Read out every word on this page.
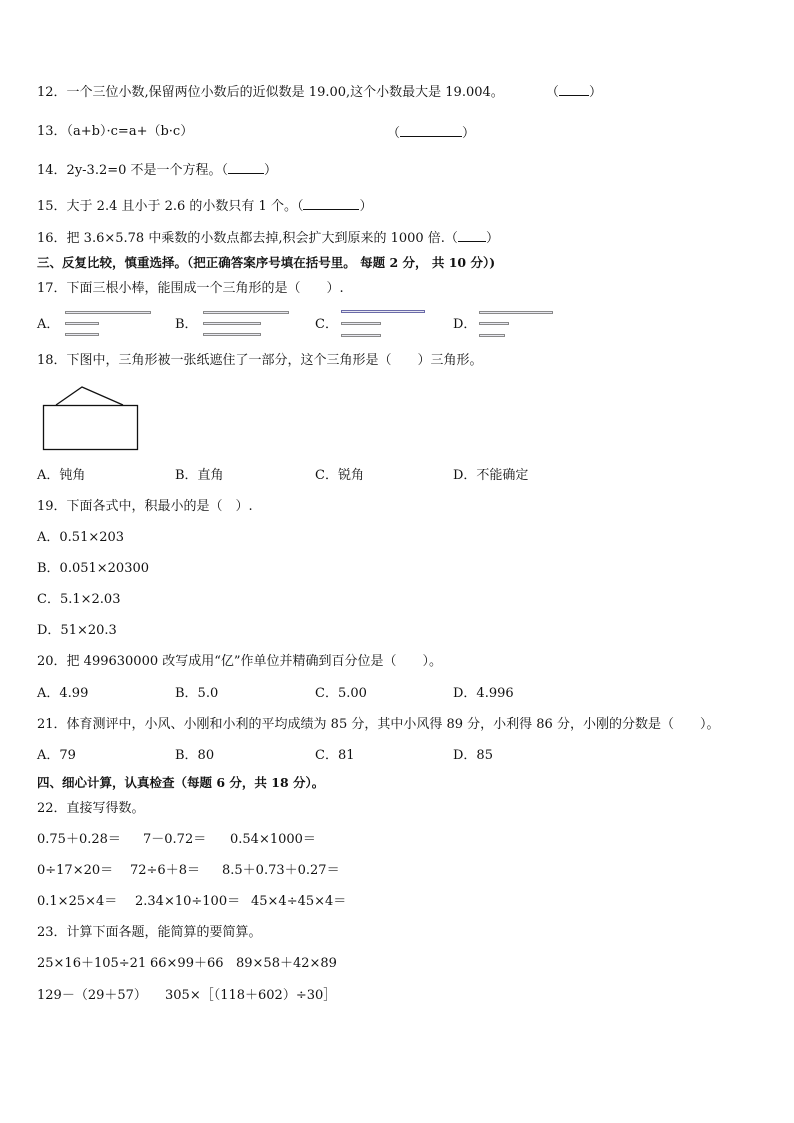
12．一个三位小数,保留两位小数后的近似数是 19.00,这个小数最大是 19.004。	（ ）
13．（a+b）·c=a+（b·c）	（	）
14．2y-3.2=0 不是一个方程。（	）
15．大于 2.4 且小于 2.6 的小数只有 1 个。（	）
16．把 3.6×5.78 中乘数的小数点都去掉,积会扩大到原来的 1000 倍.（ ）
三、反复比较，慎重选择。（把正确答案序号填在括号里。 每题 2 分， 共 10 分）)
17．下面三根小棒，能围成一个三角形的是（　　）.
A．	B．	C．	D．
18．下图中，三角形被一张纸遮住了一部分，这个三角形是（　　）三角形。
A．钝角	B．直角	C．锐角	D．不能确定
19．下面各式中，积最小的是（　）.
A．0.51×203
B．0.051×20300
C．5.1×2.03
D．51×20.3
20．把 499630000 改写成用“亿”作单位并精确到百分位是（　　）。
A．4.99	B．5.0	C．5.00	D．4.996
21．体育测评中，小风、小刚和小利的平均成绩为 85 分，其中小风得 89 分，小利得 86 分，小刚的分数是（　　）。
A．79	B．80	C．81	D．85
四、细心计算，认真检查（每题 6 分，共 18 分）。
22．直接写得数。
0.75＋0.28＝ 7－0.72＝ 0.54×1000＝
0÷17×20＝ 72÷6＋8＝ 8.5＋0.73＋0.27＝
0.1×25×4＝ 2.34×10÷100＝ 45×4÷45×4＝
23．计算下面各题，能简算的要简算。
25×16＋105÷21 66×99＋66 89×58＋42×89
129－（29＋57） 305×［（118＋602）÷30］
